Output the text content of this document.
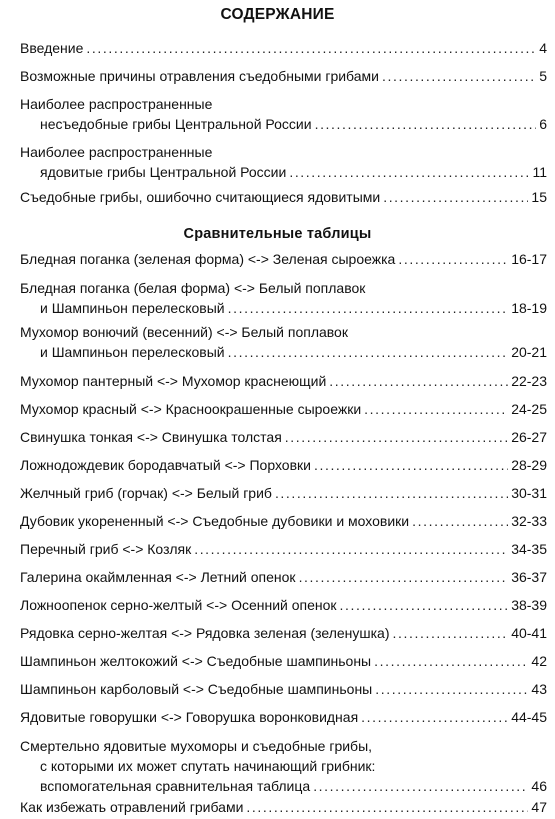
СОДЕРЖАНИЕ
Введение .....	4
Возможные причины отравления съедобными грибами .....	5
Наиболее распространенные
несъедобные грибы Центральной России .....	6
Наиболее распространенные
ядовитые грибы Центральной России .....	11
Съедобные грибы, ошибочно считающиеся ядовитыми .....	15
Сравнительные таблицы
Бледная поганка (зеленая форма) <-> Зеленая сыроежка .....	16-17
Бледная поганка (белая форма) <-> Белый поплавок
и Шампиньон перелесковый .....	18-19
Мухомор вонючий (весенний) <-> Белый поплавок
и Шампиньон перелесковый .....	20-21
Мухомор пантерный <-> Мухомор краснеющий .....	22-23
Мухомор красный <-> Красноокрашенные сыроежки .....	24-25
Свинушка тонкая <-> Свинушка толстая .....	26-27
Ложнодождевик бородавчатый <-> Порховки .....	28-29
Желчный гриб (горчак) <-> Белый гриб .....	30-31
Дубовик укорененный <-> Съедобные дубовики и моховики .....	32-33
Перечный гриб <-> Козляк .....	34-35
Галерина окаймленная <-> Летний опенок .....	36-37
Ложноопенок серно-желтый <-> Осенний опенок .....	38-39
Рядовка серно-желтая <-> Рядовка зеленая (зеленушка) .....	40-41
Шампиньон желтокожий <-> Съедобные шампиньоны .....	42
Шампиньон карболовый <-> Съедобные шампиньоны .....	43
Ядовитые говорушки <-> Говорушка воронковидная .....	44-45
Смертельно ядовитые мухоморы и съедобные грибы,
с которыми их может спутать начинающий грибник:
вспомогательная сравнительная таблица .....	46
Как избежать отравлений грибами .....	47
